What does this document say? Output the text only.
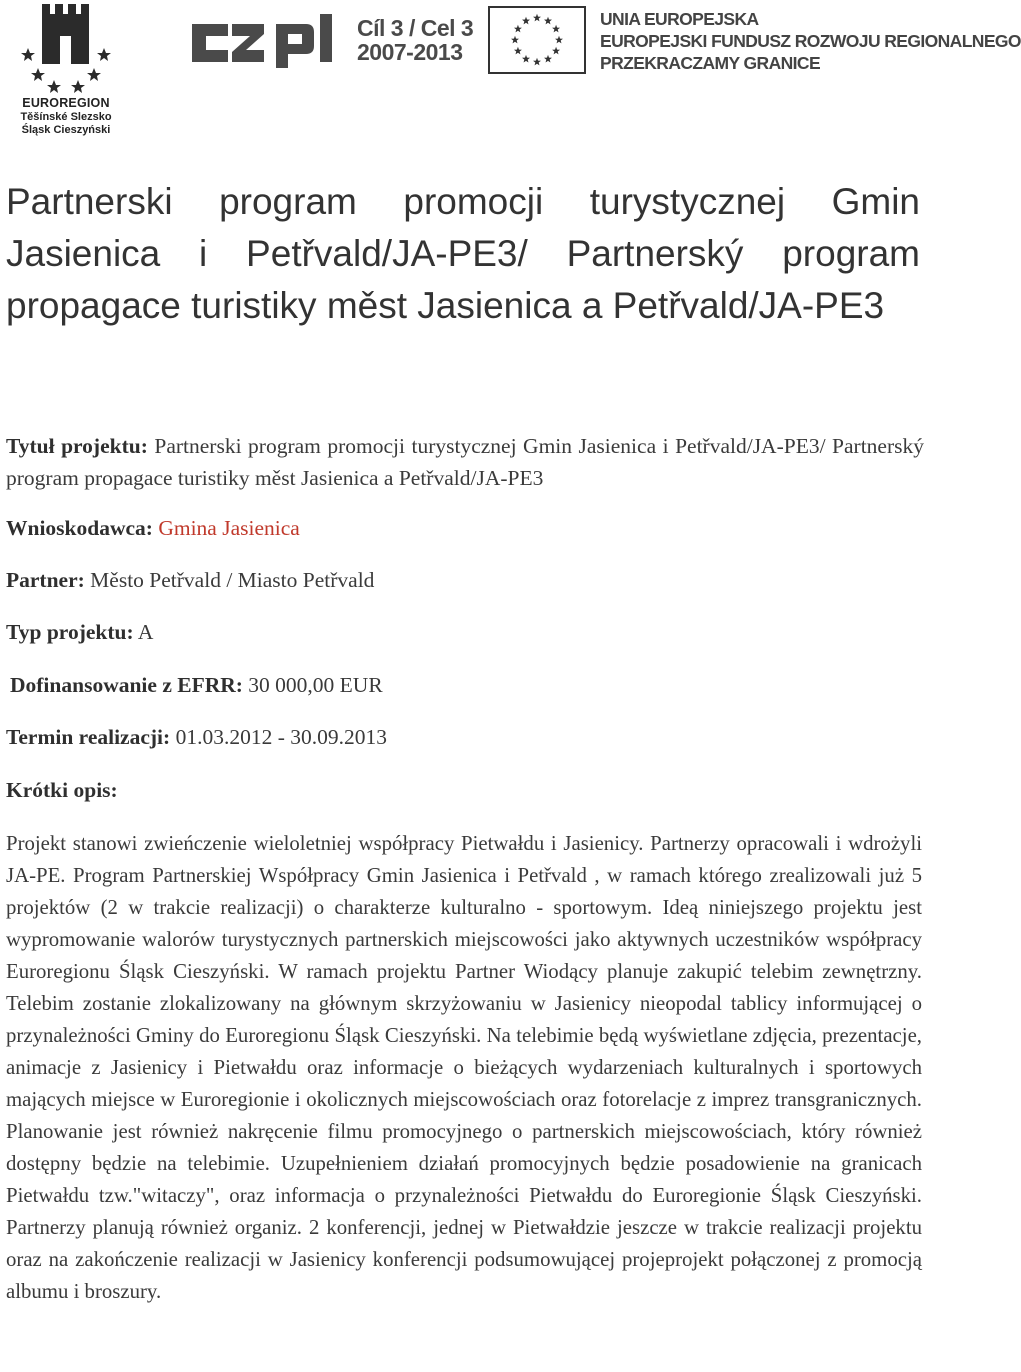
EUROREGION
Těšínské Slezsko
Śląsk Cieszyński
Cíl 3 / Cel 3
2007-2013
UNIA EUROPEJSKA
EUROPEJSKI FUNDUSZ ROZWOJU REGIONALNEGO
PRZEKRACZAMY GRANICE
Partnerski program promocji turystycznej Gmin Jasienica i Petřvald/JA-PE3/ Partnerský program propagace turistiky měst Jasienica a Petřvald/JA-PE3
Tytuł projektu: Partnerski program promocji turystycznej Gmin Jasienica i Petřvald/JA-PE3/ Partnerský program propagace turistiky měst Jasienica a Petřvald/JA-PE3
Wnioskodawca: Gmina Jasienica
Partner: Město Petřvald / Miasto Petřvald
Typ projektu: A
Dofinansowanie z EFRR: 30 000,00 EUR
Termin realizacji: 01.03.2012 - 30.09.2013
Krótki opis:

Projekt stanowi zwieńczenie wieloletniej współpracy Pietwałdu i Jasienicy. Partnerzy opracowali i wdrożyli JA-PE. Program Partnerskiej Współpracy Gmin Jasienica i Petřvald , w ramach którego zrealizowali już 5 projektów (2 w trakcie realizacji) o charakterze kulturalno - sportowym. Ideą niniejszego projektu jest wypromowanie walorów turystycznych partnerskich miejscowości jako aktywnych uczestników współpracy Euroregionu Śląsk Cieszyński. W ramach projektu Partner Wiodący planuje zakupić telebim zewnętrzny. Telebim zostanie zlokalizowany na głównym skrzyżowaniu w Jasienicy nieopodal tablicy informującej o przynależności Gminy do Euroregionu Śląsk Cieszyński. Na telebimie będą wyświetlane zdjęcia, prezentacje, animacje z Jasienicy i Pietwałdu oraz informacje o bieżących wydarzeniach kulturalnych i sportowych mających miejsce w Euroregionie i okolicznych miejscowościach oraz fotorelacje z imprez transgranicznych. Planowanie jest również nakręcenie filmu promocyjnego o partnerskich miejscowościach, który również dostępny będzie na telebimie. Uzupełnieniem działań promocyjnych będzie posadowienie na granicach Pietwałdu tzw."witaczy", oraz informacja o przynależności Pietwałdu do Euroregionie Śląsk Cieszyński. Partnerzy planują również organiz. 2 konferencji, jednej w Pietwałdzie jeszcze w trakcie realizacji projektu oraz na zakończenie realizacji w Jasienicy konferencji podsumowującej projeprojekt połączonej z promocją albumu i broszury.
